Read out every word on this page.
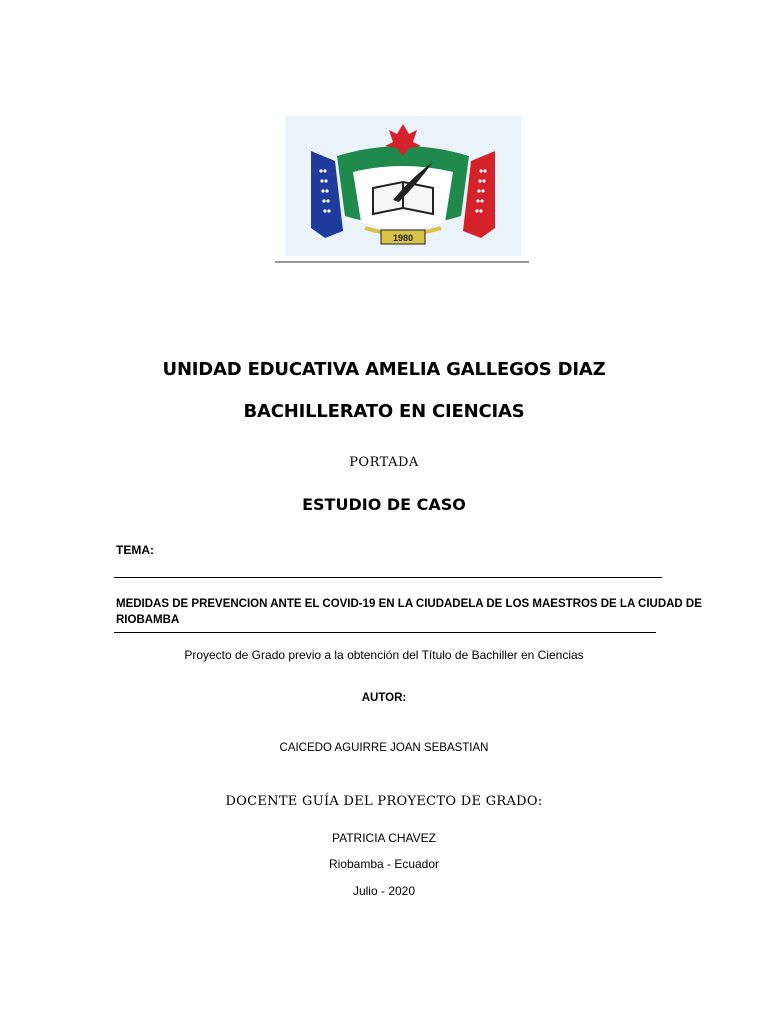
1980
UNIDAD EDUCATIVA AMELIA GALLEGOS DIAZ
BACHILLERATO EN CIENCIAS
PORTADA
ESTUDIO DE CASO
TEMA:
MEDIDAS DE PREVENCION ANTE EL COVID-19 EN LA CIUDADELA DE LOS MAESTROS DE LA CIUDAD DE RIOBAMBA
Proyecto de Grado previo a la obtención del Título de Bachiller en Ciencias
AUTOR:
CAICEDO AGUIRRE JOAN SEBASTIAN
DOCENTE GUÍA DEL PROYECTO DE GRADO:
PATRICIA CHAVEZ
Riobamba - Ecuador
Julio - 2020
